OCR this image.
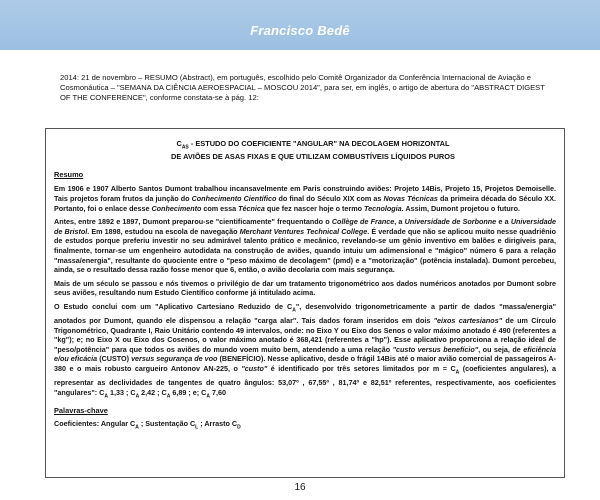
Francisco Bedê
2014: 21 de novembro – RESUMO (Abstract), em português, escolhido pelo Comitê Organizador da Conferência Internacional de Aviação e Cosmonáutica – "SEMANA DA CIÊNCIA AEROESPACIAL – MOSCOU 2014", para ser, em inglês, o artigo de abertura do "ABSTRACT DIGEST OF THE CONFERENCE", conforme constata-se à pág. 12:
$C_{AS}$ - ESTUDO DO COEFICIENTE "ANGULAR" NA DECOLAGEM HORIZONTAL
DE AVIÕES DE ASAS FIXAS E QUE UTILIZAM COMBUSTÍVEIS LÍQUIDOS PUROS
Resumo

Em 1906 e 1907 Alberto Santos Dumont trabalhou incansavelmente em Paris construindo aviões: Projeto 14Bis, Projeto 15, Projetos Demoiselle. Tais projetos foram frutos da junção do Conhecimento Científico do final do Século XIX com as Novas Técnicas da primeira década do Século XX. Portanto, foi o enlace desse Conhecimento com essa Técnica que fez nascer hoje o termo Tecnologia. Assim, Dumont projetou o futuro.

Antes, entre 1892 e 1897, Dumont preparou-se "cientificamente" frequentando o Collège de France, a Universidade de Sorbonne e a Universidade de Bristol. Em 1898, estudou na escola de navegação Merchant Ventures Technical College. É verdade que não se aplicou muito nesse quadriênio de estudos porque preferiu investir no seu admirável talento prático e mecânico, revelando-se um gênio inventivo em balões e dirigíveis para, finalmente, tornar-se um engenheiro autodidata na construção de aviões, quando intuiu um adimensional e "mágico" número 6 para a relação "massa/energia", resultante do quociente entre o "peso máximo de decolagem" (pmd) e a "motorização" (potência instalada). Dumont percebeu, ainda, se o resultado dessa razão fosse menor que 6, então, o avião decolaria com mais segurança.

Mais de um século se passou e nós tivemos o privilégio de dar um tratamento trigonométrico aos dados numéricos anotados por Dumont sobre seus aviões, resultando num Estudo Científico conforme já intitulado acima.

O Estudo conclui com um "Aplicativo Cartesiano Reduzido de $C_A$", desenvolvido trigonometricamente a partir de dados "massa/energia" anotados por Dumont, quando ele dispensou a relação "carga alar". Tais dados foram inseridos em dois "eixos cartesianos" de um Círculo Trigonométrico, Quadrante I, Raio Unitário contendo 49 intervalos, onde: no Eixo Y ou Eixo dos Senos o valor máximo anotado é 490 (referentes a "kg"); e; no Eixo X ou Eixo dos Cosenos, o valor máximo anotado é 368,421 (referentes a "hp"). Esse aplicativo proporciona a relação ideal de "peso/potência" para que todos os aviões do mundo voem muito bem, atendendo a uma relação "custo versus benefício", ou seja, de eficiência e/ou eficácia (CUSTO) versus segurança de voo (BENEFÍCIO). Nesse aplicativo, desde o frágil 14Bis até o maior avião comercial de passageiros A-380 e o mais robusto cargueiro Antonov AN-225, o "custo" é identificado por três setores limitados por $m = C_A$ (coeficientes angulares), a representar as declividades de tangentes de quatro ângulos: 53,07º , 67,55º , 81,74º e 82,51º referentes, respectivamente, aos coeficientes "angulares": $C_A$ 1,33 ; $C_A$ 2,42 ; $C_A$ 6,89 ; e; $C_A$ 7,60

Palavras-chave

Coeficientes: Angular $C_A$ ; Sustentação $C_L$ ; Arrasto $C_D$

16
